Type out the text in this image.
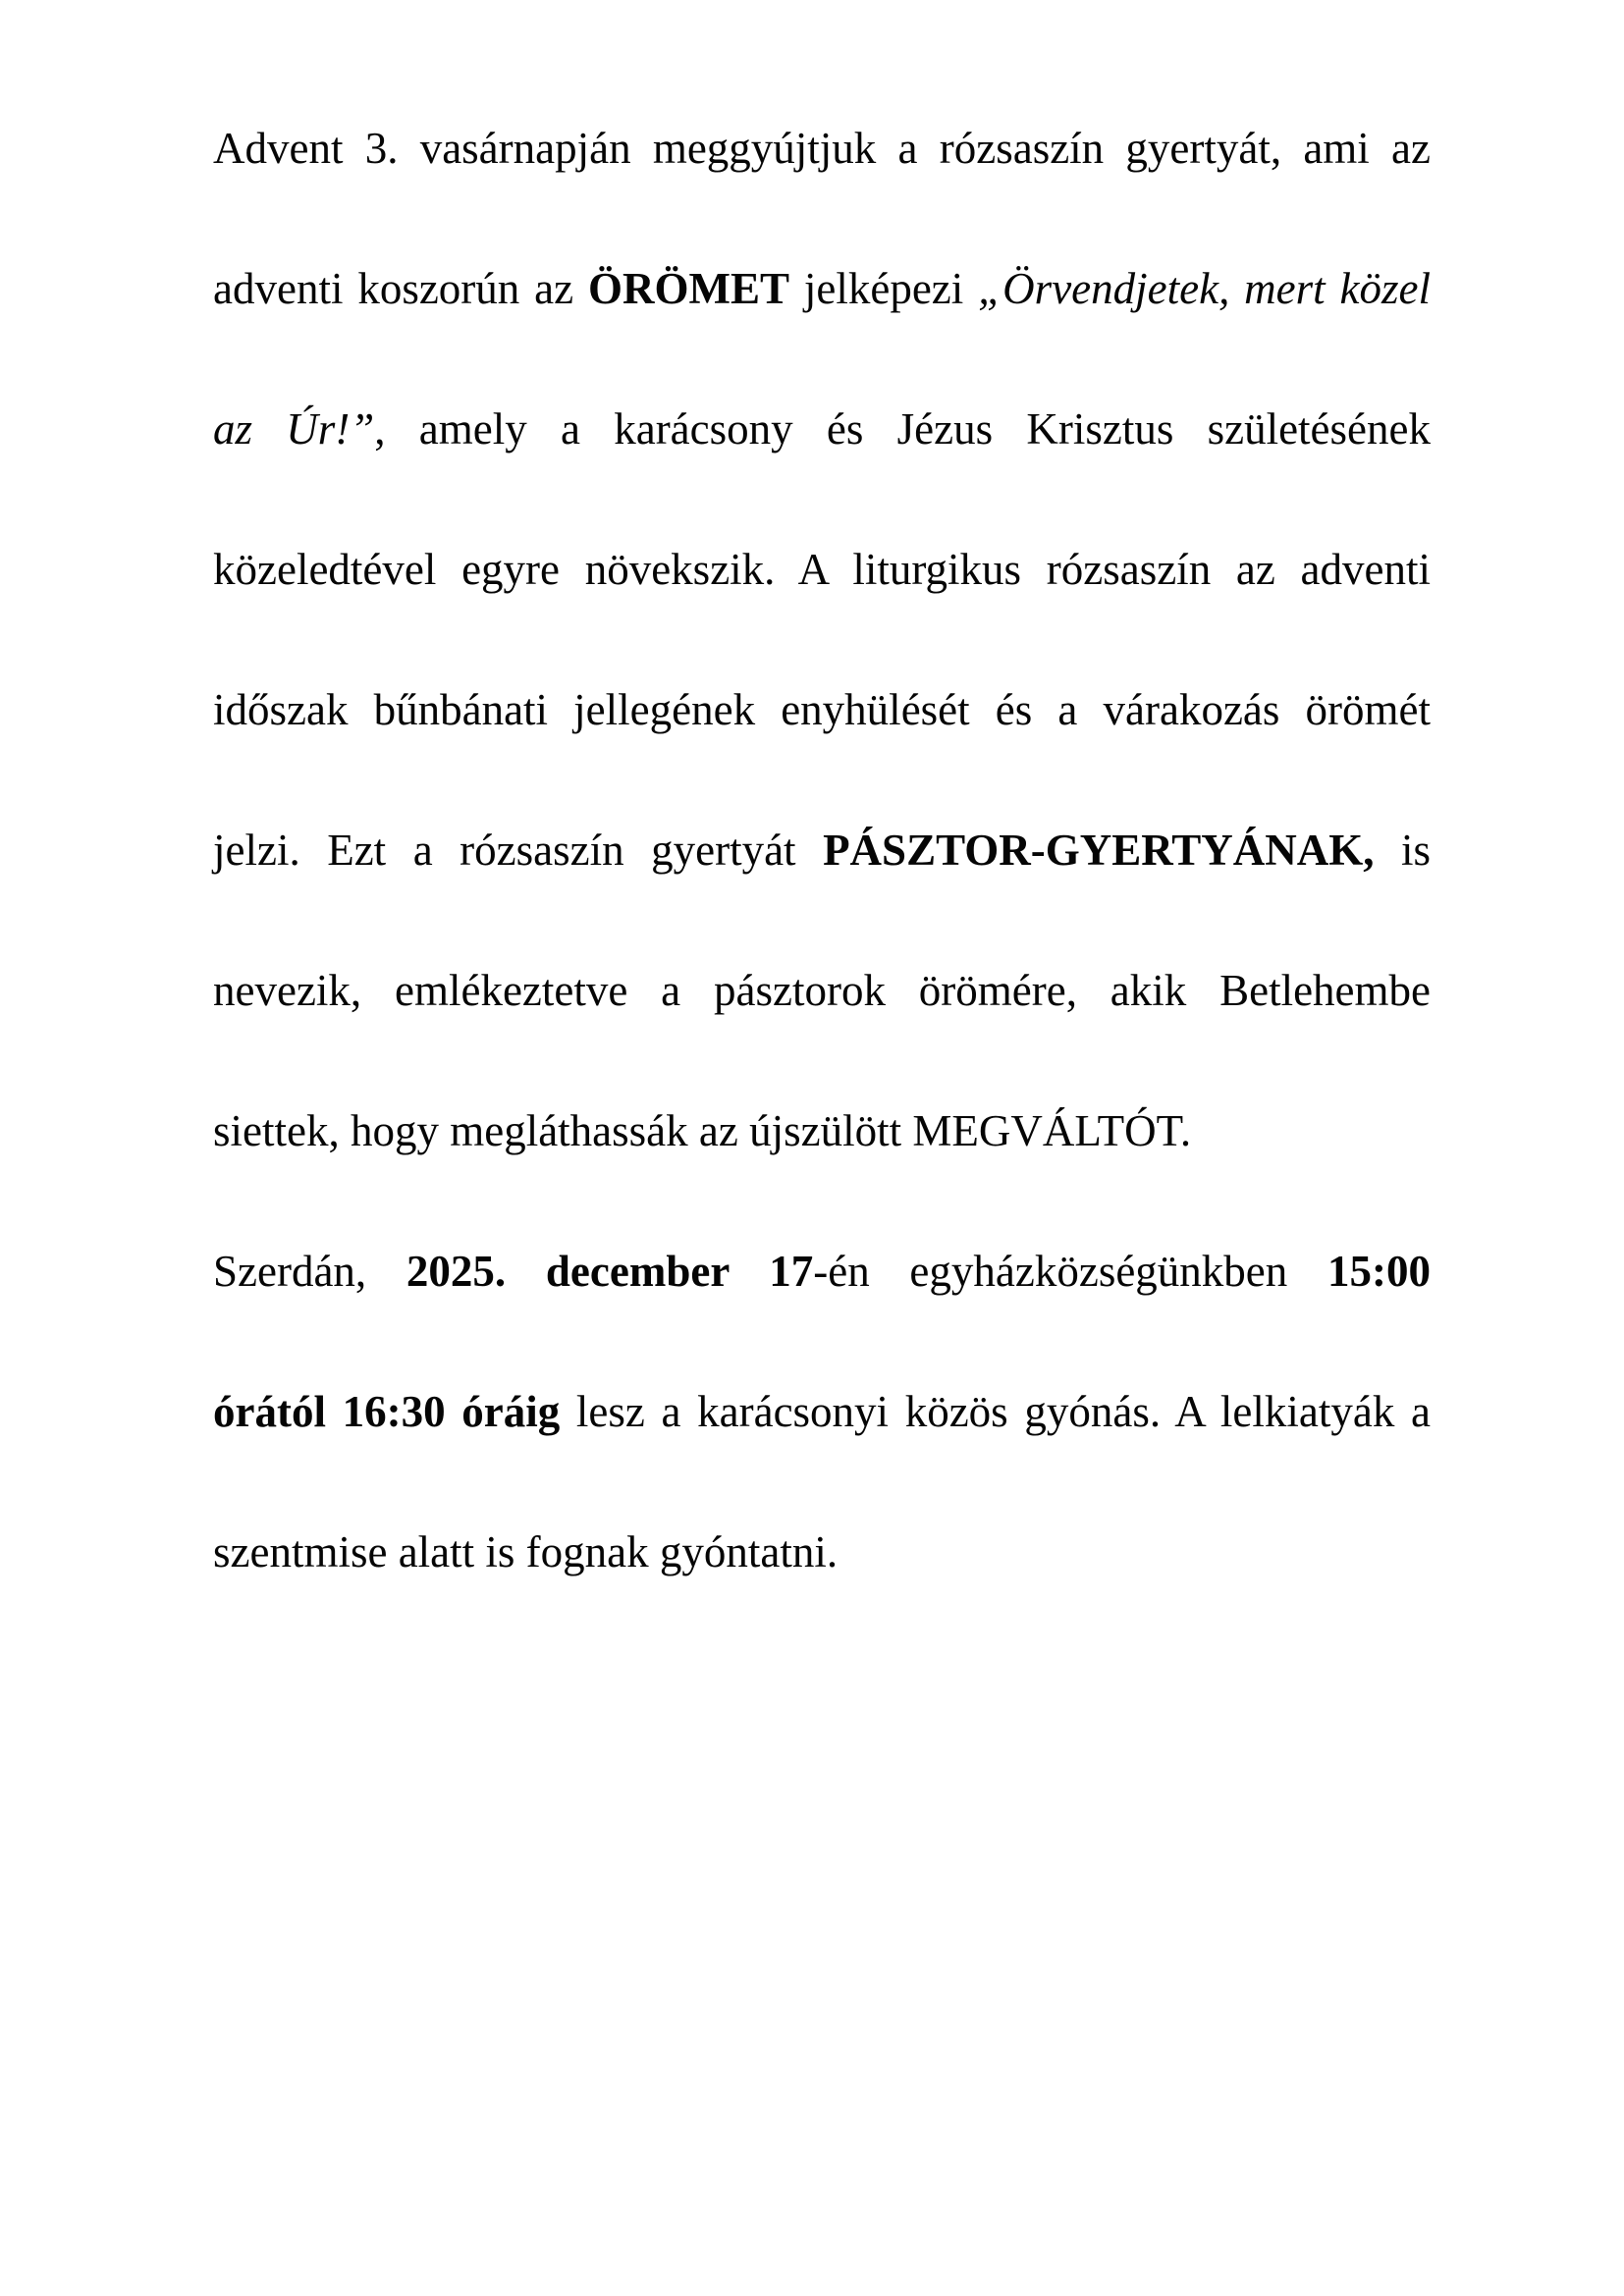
Advent 3. vasárnapján meggyújtjuk a rózsaszín gyertyát, ami az
adventi koszorún az ÖRÖMET jelképezi „Örvendjetek, mert közel
az Úr!”, amely a karácsony és Jézus Krisztus születésének
közeledtével egyre növekszik. A liturgikus rózsaszín az adventi
időszak bűnbánati jellegének enyhülését és a várakozás örömét
jelzi. Ezt a rózsaszín gyertyát PÁSZTOR-GYERTYÁNAK, is
nevezik, emlékeztetve a pásztorok örömére, akik Betlehembe
siettek, hogy megláthassák az újszülött MEGVÁLTÓT.

Szerdán, 2025. december 17-én egyházközségünkben 15:00
órától 16:30 óráig lesz a karácsonyi közös gyónás. A lelkiatyák a
szentmise alatt is fognak gyóntatni.
